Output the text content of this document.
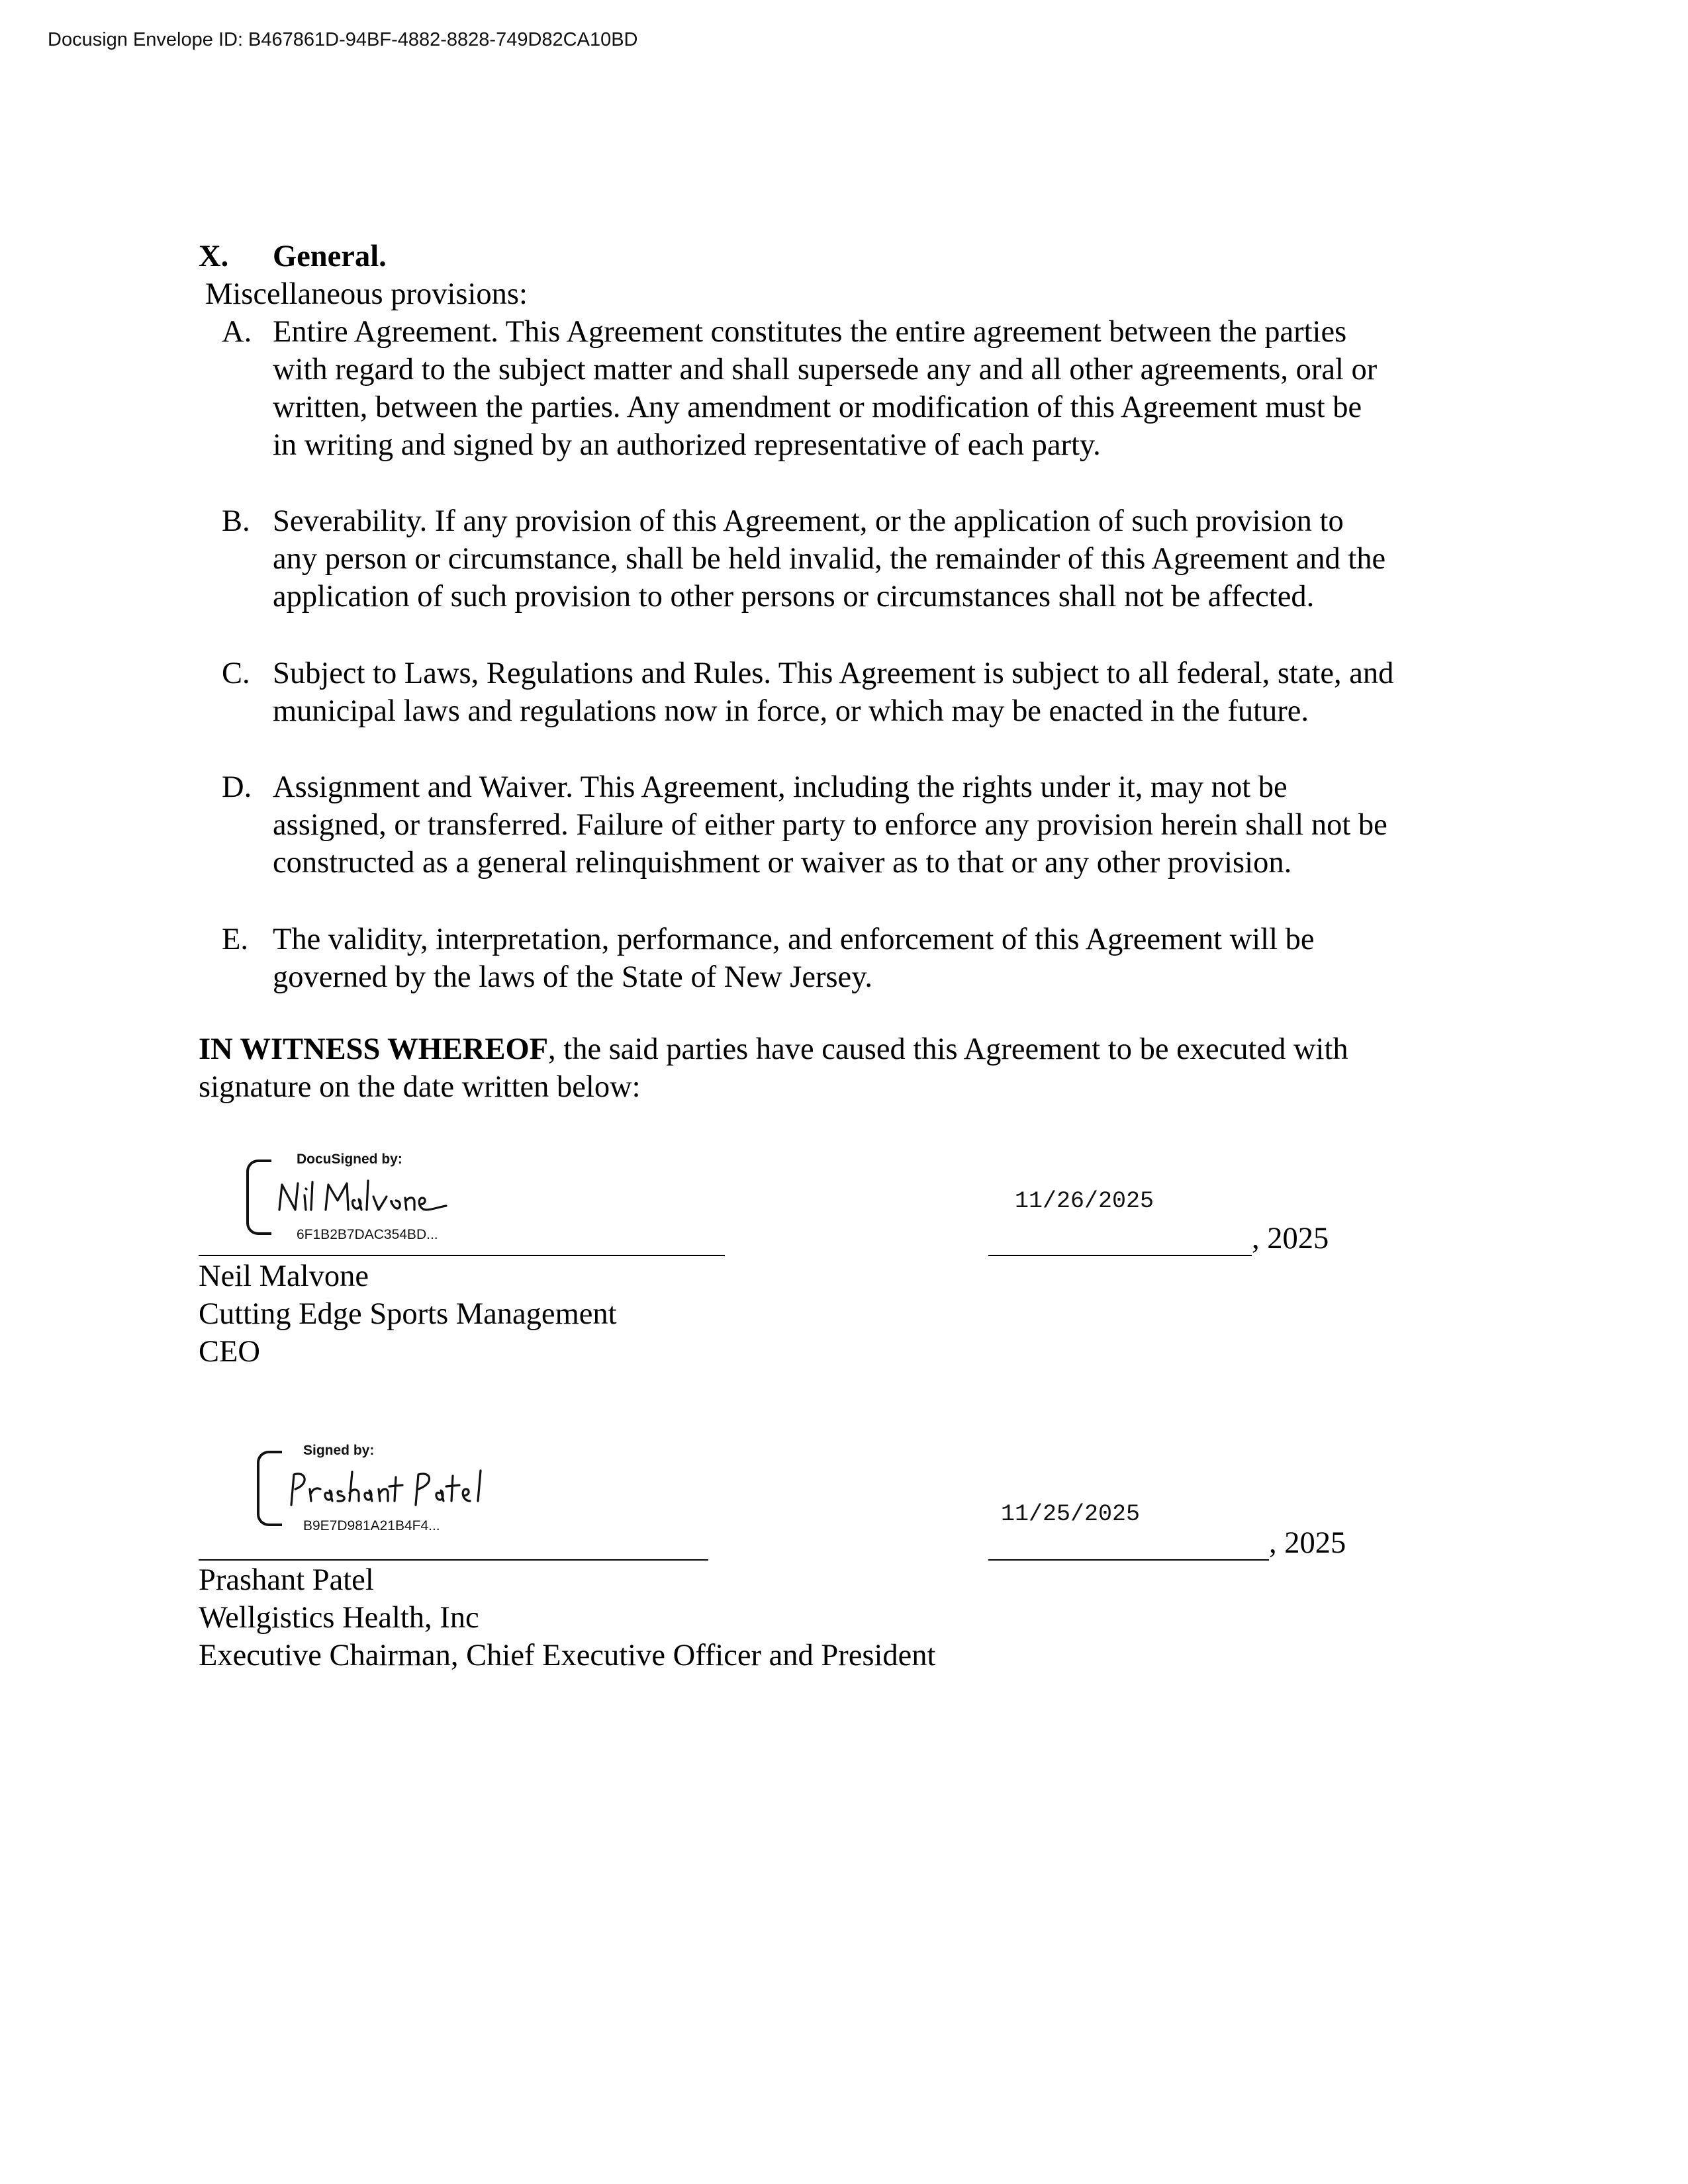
Docusign Envelope ID: B467861D-94BF-4882-8828-749D82CA10BD
X. General.
Miscellaneous provisions:
A. Entire Agreement. This Agreement constitutes the entire agreement between the parties
with regard to the subject matter and shall supersede any and all other agreements, oral or
written, between the parties. Any amendment or modification of this Agreement must be
in writing and signed by an authorized representative of each party.
B. Severability. If any provision of this Agreement, or the application of such provision to
any person or circumstance, shall be held invalid, the remainder of this Agreement and the
application of such provision to other persons or circumstances shall not be affected.
C. Subject to Laws, Regulations and Rules. This Agreement is subject to all federal, state, and
municipal laws and regulations now in force, or which may be enacted in the future.
D. Assignment and Waiver. This Agreement, including the rights under it, may not be
assigned, or transferred. Failure of either party to enforce any provision herein shall not be
constructed as a general relinquishment or waiver as to that or any other provision.
E. The validity, interpretation, performance, and enforcement of this Agreement will be
governed by the laws of the State of New Jersey.
IN WITNESS WHEREOF, the said parties have caused this Agreement to be executed with
signature on the date written below:
DocuSigned by:
6F1B2B7DAC354BD...
11/26/2025
, 2025
Neil Malvone
Cutting Edge Sports Management
CEO
Signed by:
B9E7D981A21B4F4...	11/25/2025
, 2025
Prashant Patel
Wellgistics Health, Inc
Executive Chairman, Chief Executive Officer and President
